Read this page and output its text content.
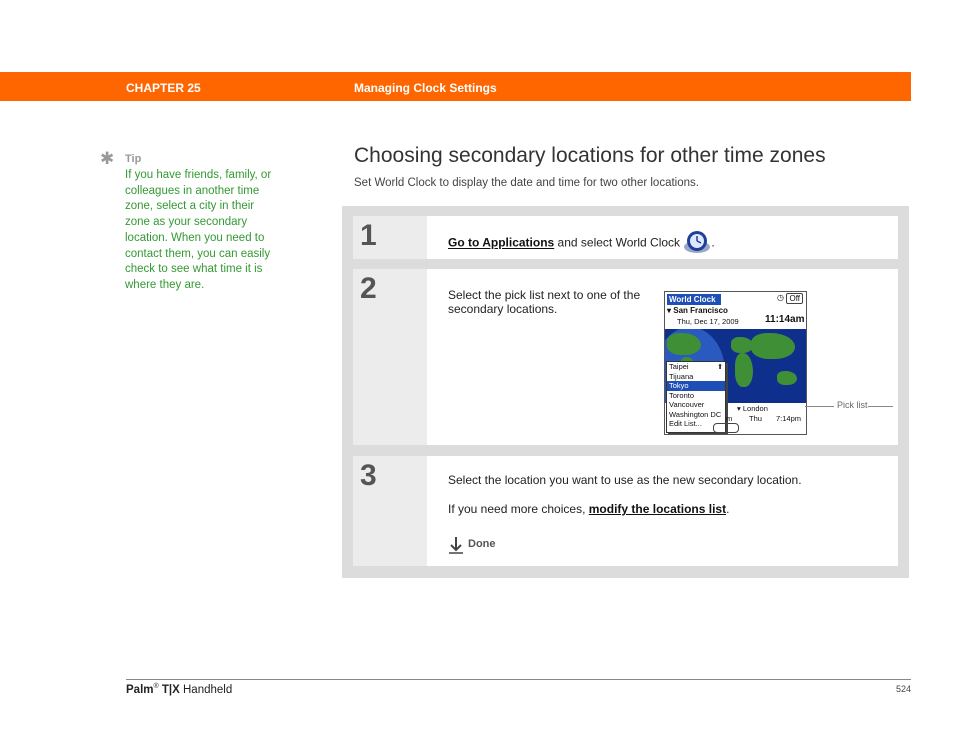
CHAPTER 25	Managing Clock Settings
✱ Tip
If you have friends, family, or colleagues in another time zone, select a city in their zone as your secondary location. When you need to contact them, you can easily check to see what time it is where they are.
Choosing secondary locations for other time zones
Set World Clock to display the date and time for two other locations.
1	Go to Applications and select World Clock	.
2	Select the pick list next to one of the secondary locations.
World Clock	◷ Off
▾ San Francisco
Thu, Dec 17, 2009	11:14am
⬆
Taipei
Tijuana
Tokyo
Toronto
Vancouver
Washington DC
Edit List...
▾ London
m Thu 7:14pm
Pick list
3	Select the location you want to use as the new secondary location.
If you need more choices, modify the locations list.
Done
Palm® T|X Handheld	524
